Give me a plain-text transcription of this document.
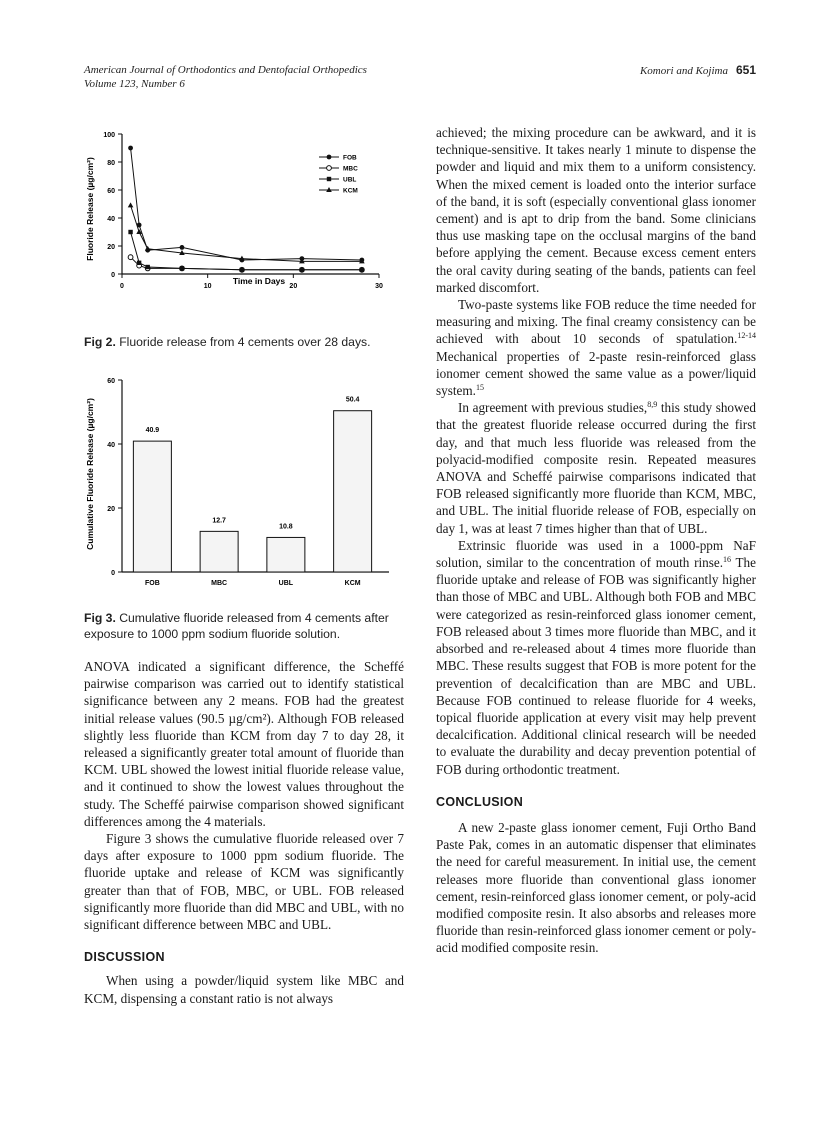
American Journal of Orthodontics and Dentofacial Orthopedics
Volume 123, Number 6
Komori and Kojima 651
Fluoride Release (µg/cm²)
0
20
40
60
80
100
0	10	20	30
FOB
MBC
UBL
KCM
Time in Days
Fig 2. Fluoride release from 4 cements over 28 days.
Cumulative Fluoride Release (µg/cm²)
0
20
40
60
40.9
FOB
12.7
MBC
10.8
UBL
50.4
KCM
Fig 3. Cumulative fluoride released from 4 cements after exposure to 1000 ppm sodium fluoride solution.

ANOVA indicated a significant difference, the Scheffé pairwise comparison was carried out to identify statistical significance between any 2 means. FOB had the greatest initial release values (90.5 µg/cm²). Although FOB released slightly less fluoride than KCM from day 7 to day 28, it released a significantly greater total amount of fluoride than KCM. UBL showed the lowest initial fluoride release value, and it continued to show the lowest values throughout the study. The Scheffé pairwise comparison showed significant differences among the 4 materials.

Figure 3 shows the cumulative fluoride released over 7 days after exposure to 1000 ppm sodium fluoride. The fluoride uptake and release of KCM was significantly greater than that of FOB, MBC, or UBL. FOB released significantly more fluoride than did MBC and UBL, with no significant difference between MBC and UBL.

DISCUSSION

When using a powder/liquid system like MBC and KCM, dispensing a constant ratio is not always

achieved; the mixing procedure can be awkward, and it is technique-sensitive. It takes nearly 1 minute to dispense the powder and liquid and mix them to a uniform consistency. When the mixed cement is loaded onto the interior surface of the band, it is soft (especially conventional glass ionomer cement) and is apt to drip from the band. Some clinicians thus use masking tape on the occlusal margins of the band before applying the cement. Because excess cement enters the oral cavity during seating of the bands, patients can feel marked discomfort.

Two-paste systems like FOB reduce the time needed for measuring and mixing. The final creamy consistency can be achieved with about 10 seconds of spatulation.$^{12-14}$ Mechanical properties of 2-paste resin-reinforced glass ionomer cement showed the same value as a power/liquid system.$^{15}$

In agreement with previous studies,$^{8,9}$ this study showed that the greatest fluoride release occurred during the first day, and that much less fluoride was released from the polyacid-modified composite resin. Repeated measures ANOVA and Scheffé pairwise comparisons indicated that FOB released significantly more fluoride than KCM, MBC, and UBL. The initial fluoride release of FOB, especially on day 1, was at least 7 times higher than that of UBL.

Extrinsic fluoride was used in a 1000-ppm NaF solution, similar to the concentration of mouth rinse.$^{16}$ The fluoride uptake and release of FOB was significantly higher than those of MBC and UBL. Although both FOB and MBC were categorized as resin-reinforced glass ionomer cement, FOB released about 3 times more fluoride than MBC, and it absorbed and re-released about 4 times more fluoride than MBC. These results suggest that FOB is more potent for the prevention of decalcification than are MBC and UBL. Because FOB continued to release fluoride for 4 weeks, topical fluoride application at every visit may help prevent decalcification. Additional clinical research will be needed to evaluate the durability and decay prevention potential of FOB during orthodontic treatment.

CONCLUSION

A new 2-paste glass ionomer cement, Fuji Ortho Band Paste Pak, comes in an automatic dispenser that eliminates the need for careful measurement. In initial use, the cement releases more fluoride than conventional glass ionomer cement, resin-reinforced glass ionomer cement, or poly-acid modified composite resin. It also absorbs and releases more fluoride than resin-reinforced glass ionomer cement or poly-acid modified composite resin.
